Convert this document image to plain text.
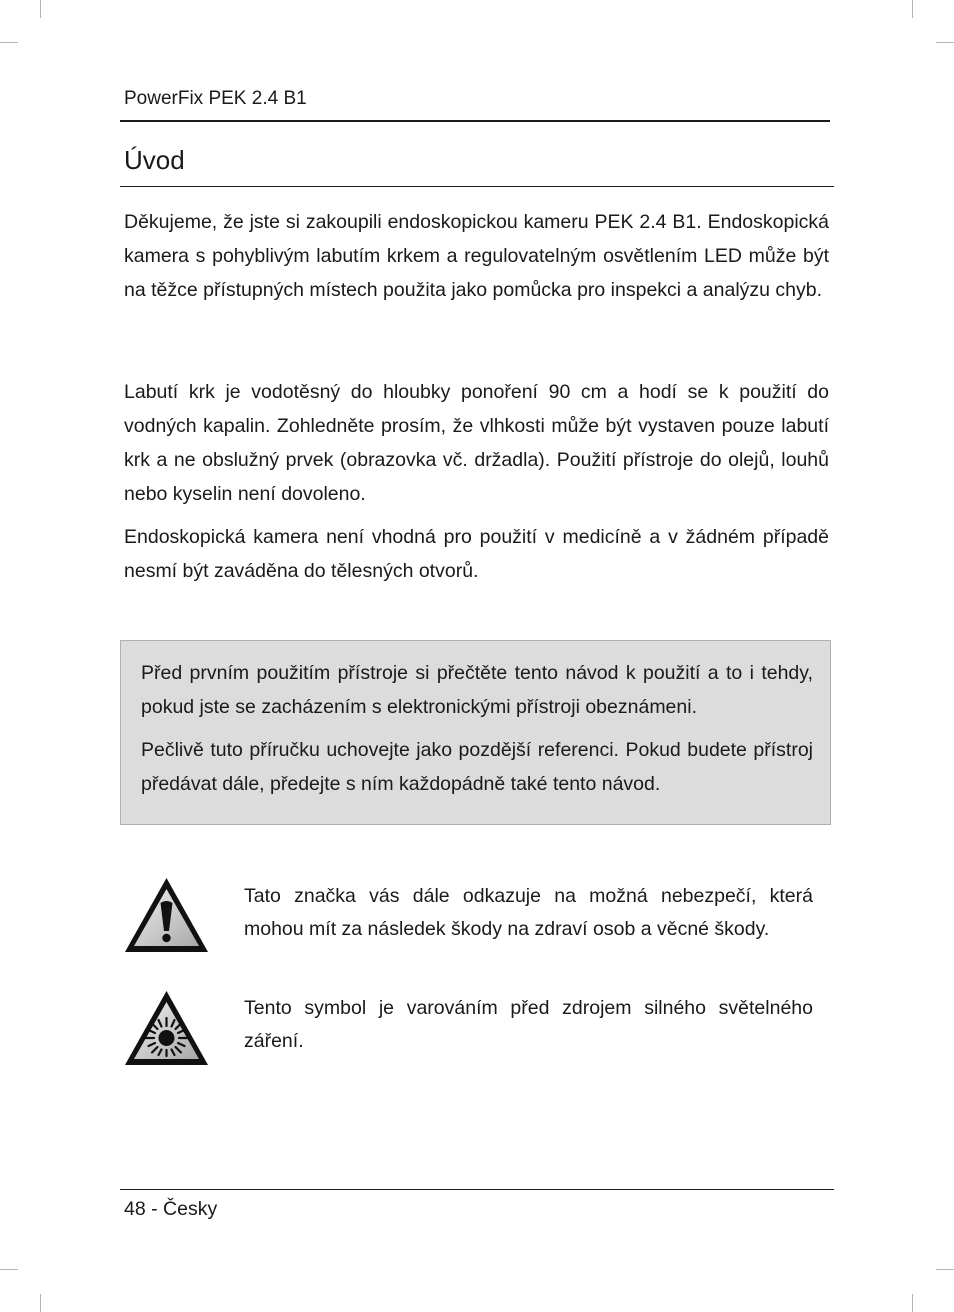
PowerFix PEK 2.4 B1
Úvod

Děkujeme, že jste si zakoupili endoskopickou kameru PEK 2.4 B1. Endoskopická kamera s pohyblivým labutím krkem a regulovatelným osvětlením LED může být na těžce přístupných místech použita jako pomůcka pro inspekci a analýzu chyb.

Labutí krk je vodotěsný do hloubky ponoření 90 cm a hodí se k použití do vodných kapalin. Zohledněte prosím, že vlhkosti může být vystaven pouze labutí krk a ne obslužný prvek (obrazovka vč. držadla). Použití přístroje do olejů, louhů nebo kyselin není dovoleno.

Endoskopická kamera není vhodná pro použití v medicíně a v žádném případě nesmí být zaváděna do tělesných otvorů.

Před prvním použitím přístroje si přečtěte tento návod k použití a to i tehdy, pokud jste se zacházením s elektronickými přístroji obeznámeni.

Pečlivě tuto příručku uchovejte jako pozdější referenci. Pokud budete přístroj předávat dále, předejte s ním každopádně také tento návod.

Tato značka vás dále odkazuje na možná nebezpečí, která mohou mít za následek škody na zdraví osob a věcné škody.

Tento symbol je varováním před zdrojem silného světelného záření.

48 - Česky
